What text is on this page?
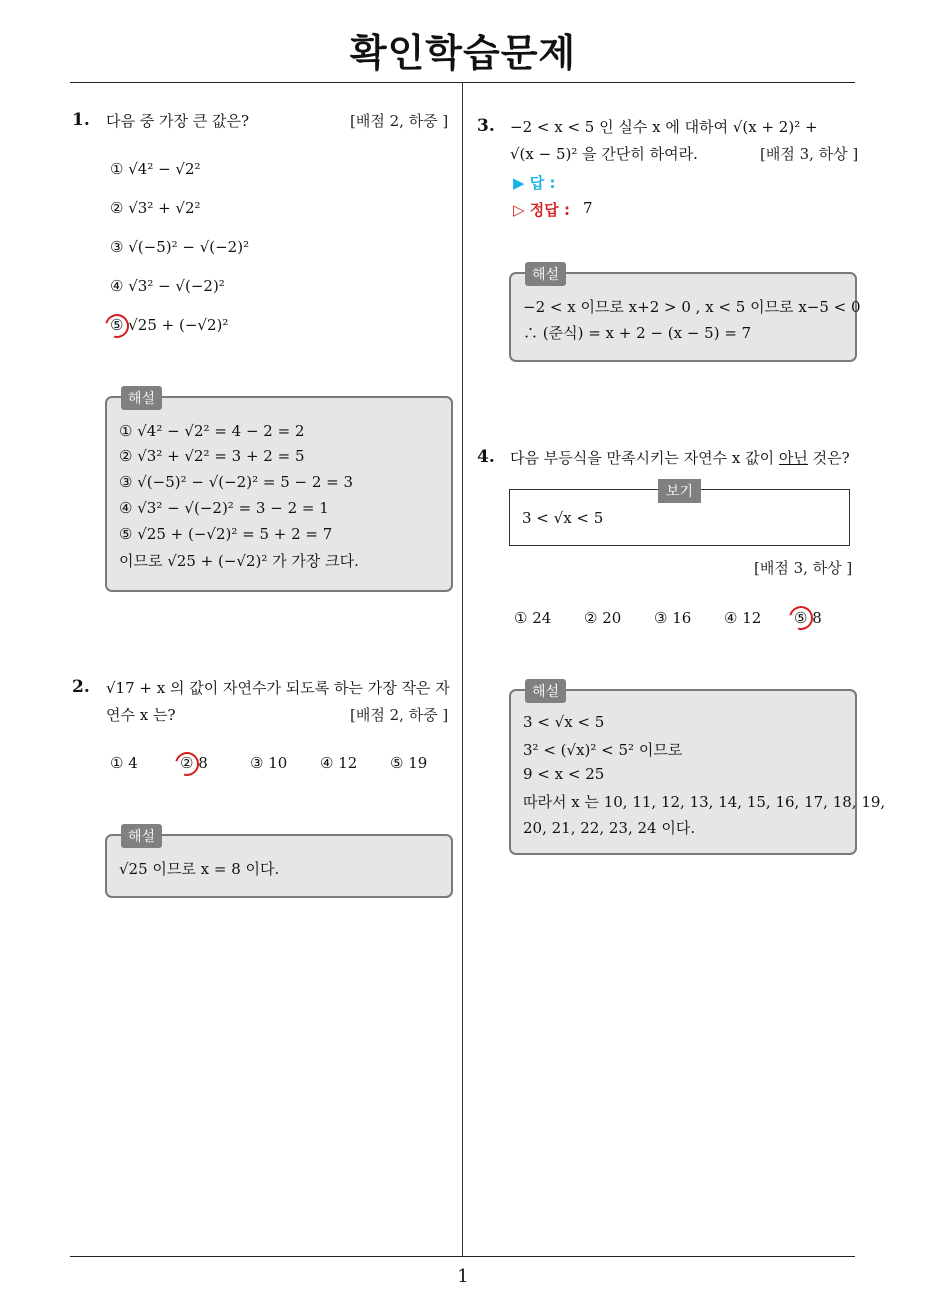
확인학습문제
1. 다음 중 가장 큰 값은?	[배점 2, 하중 ]
① √4² − √2²
② √3² + √2²
③ √(−5)² − √(−2)²
④ √3² − √(−2)²
⑤ √25 + (−√2)²
해설
① √4² − √2² = 4 − 2 = 2
② √3² + √2² = 3 + 2 = 5
③ √(−5)² − √(−2)² = 5 − 2 = 3
④ √3² − √(−2)² = 3 − 2 = 1
⑤ √25 + (−√2)² = 5 + 2 = 7
이므로 √25 + (−√2)² 가 가장 크다.
2. √17 + x 의 값이 자연수가 되도록 하는 가장 작은 자
연수 x 는?	[배점 2, 하중 ]
① 4	② 8	③ 10 ④ 12 ⑤ 19
해설
√25 이므로 x = 8 이다.
3. −2 < x < 5 인 실수 x 에 대하여 √(x + 2)² +
√(x − 5)² 을 간단히 하여라.	[배점 3, 하상 ]
▶ 답 :
▷ 정답 : 7
해설
−2 < x 이므로 x+2 > 0 , x < 5 이므로 x−5 < 0
∴ (준식) = x + 2 − (x − 5) = 7
4. 다음 부등식을 만족시키는 자연수 x 값이 아닌 것은?
보기
3 < √x < 5
[배점 3, 하상 ]
① 24 ② 20 ③ 16 ④ 12 ⑤ 8
해설
3 < √x < 5
3² < (√x)² < 5² 이므로
9 < x < 25
따라서 x 는 10, 11, 12, 13, 14, 15, 16, 17, 18, 19,
20, 21, 22, 23, 24 이다.
1
